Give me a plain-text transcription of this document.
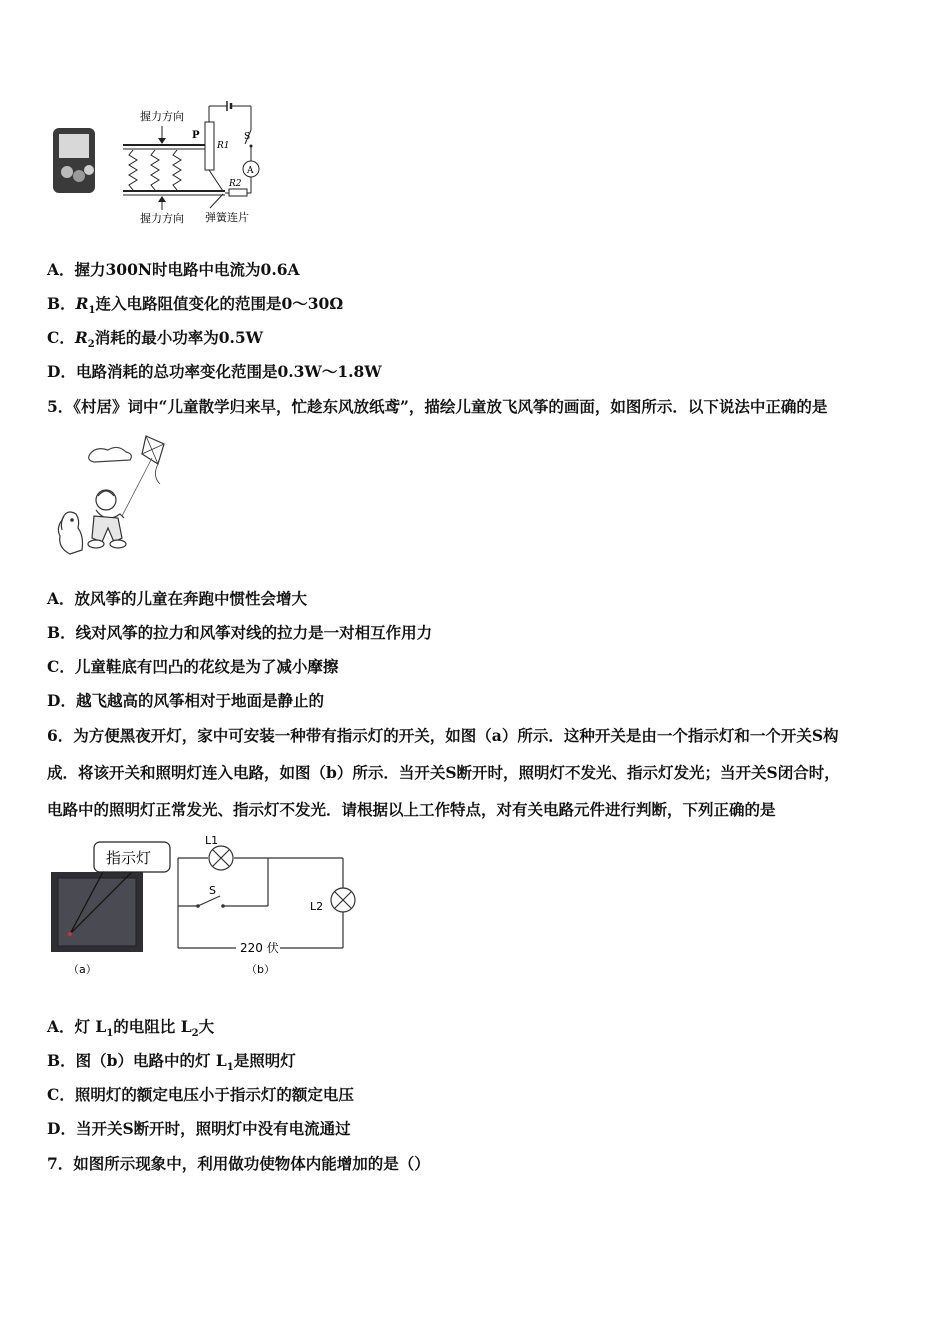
握力方向
握力方向
P
R1
S
A
R2
弹簧连片
A．握力300N时电路中电流为0.6A
B．$R_1$连入电路阻值变化的范围是0～30Ω
C．$R_2$消耗的最小功率为0.5W
D．电路消耗的总功率变化范围是0.3W～1.8W
5．《村居》词中“儿童散学归来早，忙趁东风放纸鸢”，描绘儿童放飞风筝的画面，如图所示．以下说法中正确的是
A．放风筝的儿童在奔跑中惯性会增大
B．线对风筝的拉力和风筝对线的拉力是一对相互作用力
C．儿童鞋底有凹凸的花纹是为了减小摩擦
D．越飞越高的风筝相对于地面是静止的
6．为方便黑夜开灯，家中可安装一种带有指示灯的开关，如图（a）所示．这种开关是由一个指示灯和一个开关S构
成．将该开关和照明灯连入电路，如图（b）所示．当开关S断开时，照明灯不发光、指示灯发光；当开关S闭合时，
电路中的照明灯正常发光、指示灯不发光．请根据以上工作特点，对有关电路元件进行判断，下列正确的是
指示灯
（a）
S
L1
L2
220 伏
（b）
A．灯 $L_1$的电阻比 $L_2$大
B．图（b）电路中的灯 $L_1$是照明灯
C．照明灯的额定电压小于指示灯的额定电压
D．当开关S断开时，照明灯中没有电流通过
7．如图所示现象中，利用做功使物体内能增加的是（）
